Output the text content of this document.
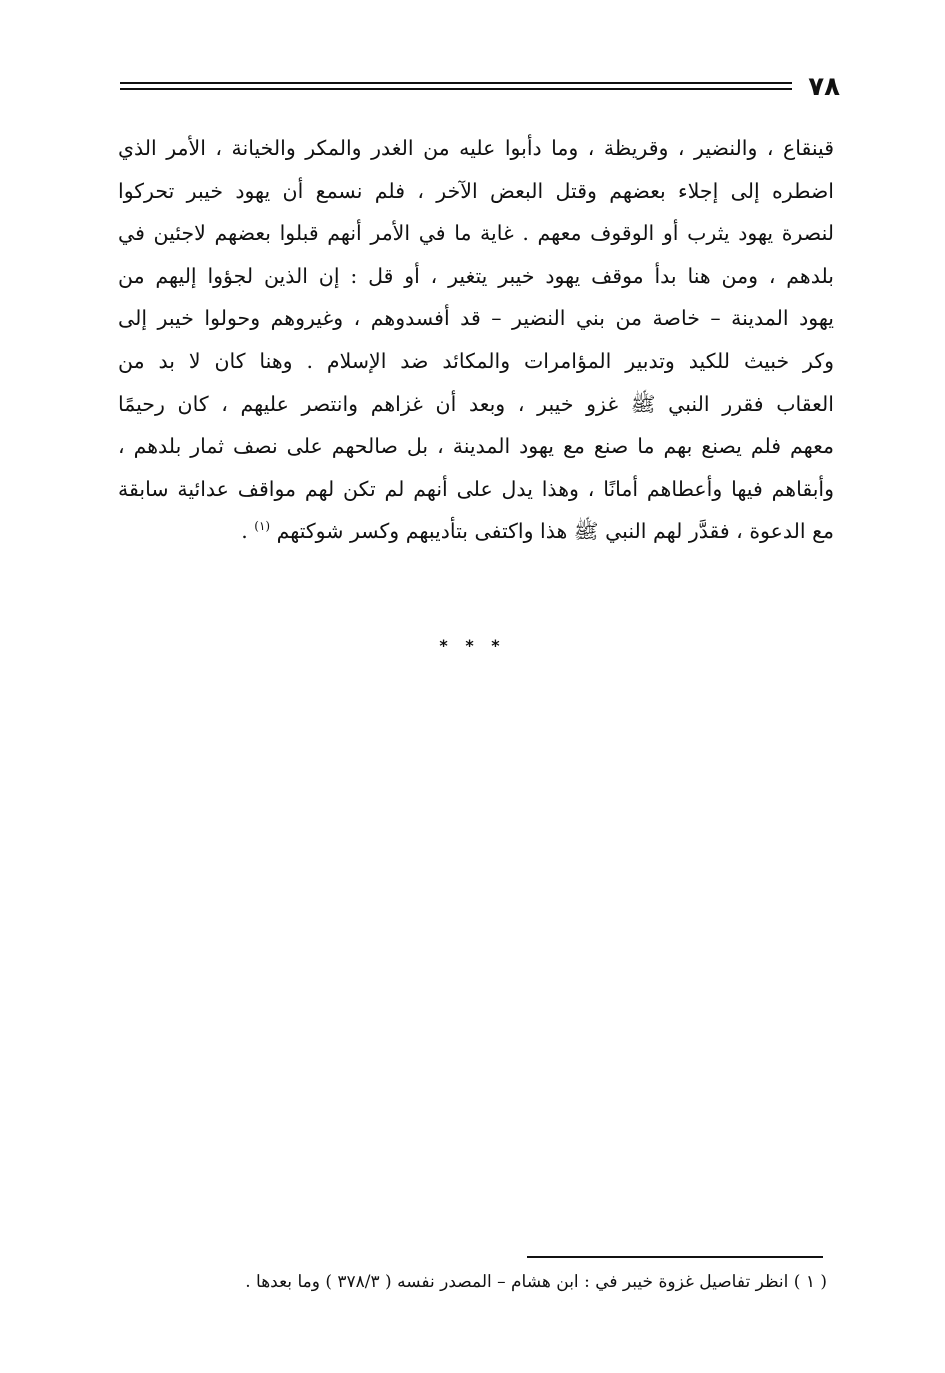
٧٨
قينقاع ، والنضير ، وقريظة ، وما دأبوا عليه من الغدر والمكر والخيانة ، الأمر الذي
اضطره إلى إجلاء بعضهم وقتل البعض الآخر ، فلم نسمع أن يهود خيبر تحركوا
لنصرة يهود يثرب أو الوقوف معهم . غاية ما في الأمر أنهم قبلوا بعضهم لاجئين في
بلدهم ، ومن هنا بدأ موقف يهود خيبر يتغير ، أو قل : إن الذين لجؤوا إليهم من
يهود المدينة – خاصة من بني النضير – قد أفسدوهم ، وغيروهم وحولوا خيبر إلى
وكر خبيث للكيد وتدبير المؤامرات والمكائد ضد الإسلام . وهنا كان لا بد من
العقاب فقرر النبي ﷺ غزو خيبر ، وبعد أن غزاهم وانتصر عليهم ، كان رحيمًا
معهم فلم يصنع بهم ما صنع مع يهود المدينة ، بل صالحهم على نصف ثمار بلدهم ،
وأبقاهم فيها وأعطاهم أمانًا ، وهذا يدل على أنهم لم تكن لهم مواقف عدائية سابقة
مع الدعوة ، فقدَّر لهم النبي ﷺ هذا واكتفى بتأديبهم وكسر شوكتهم $^{(١)}$ .
* * *

( ١ ) انظر تفاصيل غزوة خيبر في : ابن هشام – المصدر نفسه ( ٣٧٨/٣ ) وما بعدها .
